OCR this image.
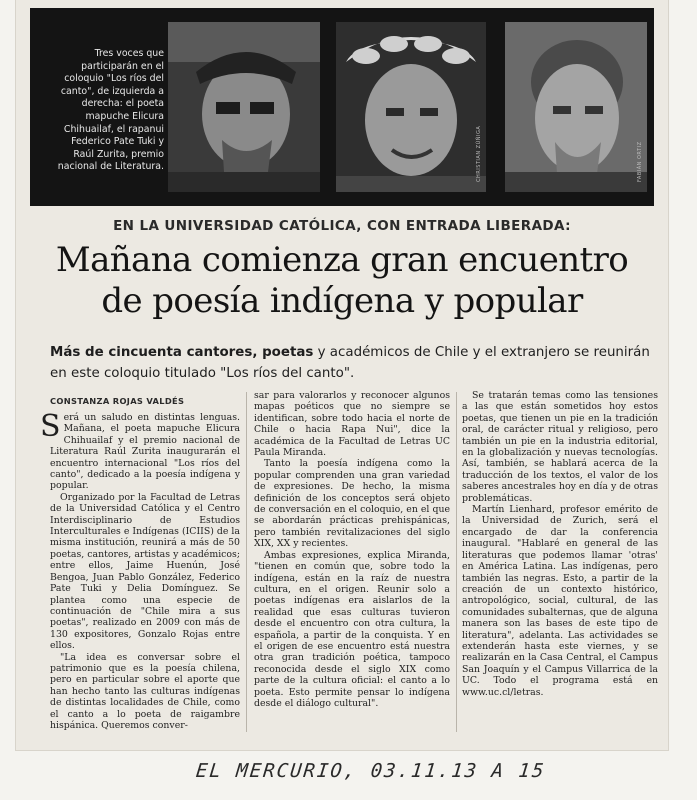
Tres voces que participarán en el coloquio "Los ríos del canto", de izquierda a derecha: el poeta mapuche Elicura Chihuailaf, el rapanui Federico Pate Tuki y Raúl Zurita, premio nacional de Literatura.	CHRISTIAN ZÚÑIGA	FABIÁN ORTIZ
EN LA UNIVERSIDAD CATÓLICA, CON ENTRADA LIBERADA:
Mañana comienza gran encuentro
de poesía indígena y popular
Más de cincuenta cantores, poetas y académicos de Chile y el extranjero se reunirán en este coloquio titulado "Los ríos del canto".
CONSTANZA ROJAS VALDÉS

Será un saludo en distintas lenguas. Mañana, el poeta mapuche Elicura Chihuailaf y el premio nacional de Literatura Raúl Zurita inaugurarán el encuentro internacional "Los ríos del canto", dedicado a la poesía indígena y popular.

Organizado por la Facultad de Letras de la Universidad Católica y el Centro Interdisciplinario de Estudios Interculturales e Indígenas (ICIIS) de la misma institución, reunirá a más de 50 poetas, cantores, artistas y académicos; entre ellos, Jaime Huenún, José Bengoa, Juan Pablo González, Federico Pate Tuki y Delia Domínguez. Se plantea como una especie de continuación de "Chile mira a sus poetas", realizado en 2009 con más de 130 expositores, Gonzalo Rojas entre ellos.

"La idea es conversar sobre el patrimonio que es la poesía chilena, pero en particular sobre el aporte que han hecho tanto las culturas indígenas de distintas localidades de Chile, como el canto a lo poeta de raigambre hispánica. Queremos conver-

sar para valorarlos y reconocer algunos mapas poéticos que no siempre se identifican, sobre todo hacia el norte de Chile o hacia Rapa Nui", dice la académica de la Facultad de Letras UC Paula Miranda.

Tanto la poesía indígena como la popular comprenden una gran variedad de expresiones. De hecho, la misma definición de los conceptos será objeto de conversación en el coloquio, en el que se abordarán prácticas prehispánicas, pero también revitalizaciones del siglo XIX, XX y recientes.

Ambas expresiones, explica Miranda, "tienen en común que, sobre todo la indígena, están en la raíz de nuestra cultura, en el origen. Reunir solo a poetas indígenas era aislarlos de la realidad que esas culturas tuvieron desde el encuentro con otra cultura, la española, a partir de la conquista. Y en el origen de ese encuentro está nuestra otra gran tradición poética, tampoco reconocida desde el siglo XIX como parte de la cultura oficial: el canto a lo poeta. Esto permite pensar lo indígena desde el diálogo cultural".

Se tratarán temas como las tensiones a las que están sometidos hoy estos poetas, que tienen un pie en la tradición oral, de carácter ritual y religioso, pero también un pie en la industria editorial, en la globalización y nuevas tecnologías. Así, también, se hablará acerca de la traducción de los textos, el valor de los saberes ancestrales hoy en día y de otras problemáticas.

Martín Lienhard, profesor emérito de la Universidad de Zurich, será el encargado de dar la conferencia inaugural. "Hablaré en general de las literaturas que podemos llamar 'otras' en América Latina. Las indígenas, pero también las negras. Esto, a partir de la creación de un contexto histórico, antropológico, social, cultural, de las comunidades subalternas, que de alguna manera son las bases de este tipo de literatura", adelanta. Las actividades se extenderán hasta este viernes, y se realizarán en la Casa Central, el Campus San Joaquín y el Campus Villarrica de la UC. Todo el programa está en www.uc.cl/letras.

EL MERCURIO, 03.11.13 A 15
